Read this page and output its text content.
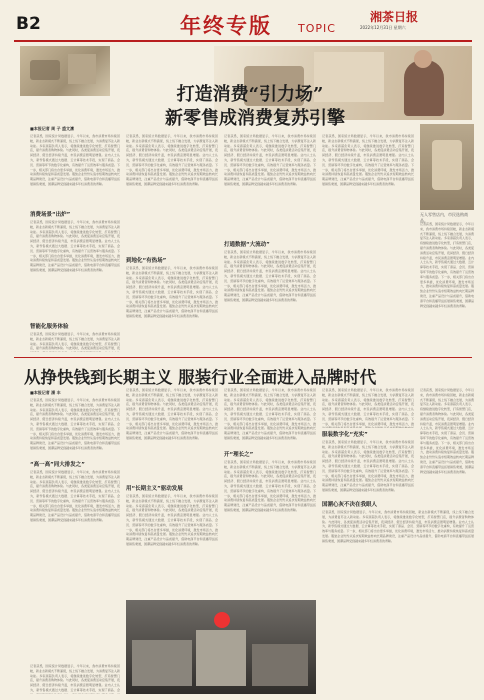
B2	年终专版 TOPIC
湘茶日报
2022年12月31日 星期六
打造消费“引力场”
新零售成消费复苏引擎
■本报记者 周 子 盛文凛
记者获悉，国家统计局数据显示，今年以来，我市消费市场持续回暖，新业态新模式不断涌现，线上线下融合发展，为消费复苏注入新动能。多家商超负责人表示，将继续推进数字化转型，打造智慧门店，提升消费者购物体验。与此同时，各类促消费活动密集开展，夜间经济、假日经济持续升温，市民消费意愿明显增强。业内人士认为，新零售模式通过大数据、云计算等技术手段，实现了商品、会员、营销等环节的数字化重构，有效提升了运营效率与服务质量。下一步，相关部门将出台更多举措，优化消费环境，激发市场活力，推动消费持续恢复和高质量发展。服装企业纷纷从追求短期效益转向长期品牌建设，注重产品设计与品质提升，借助电商平台和直播带货拓展销售渠道，国潮品牌受到越来越多年轻消费者的青睐。
消费场景“出炉”
记者获悉，国家统计局数据显示，今年以来，我市消费市场持续回暖，新业态新模式不断涌现，线上线下融合发展，为消费复苏注入新动能。多家商超负责人表示，将继续推进数字化转型，打造智慧门店，提升消费者购物体验。与此同时，各类促消费活动密集开展，夜间经济、假日经济持续升温，市民消费意愿明显增强。业内人士认为，新零售模式通过大数据、云计算等技术手段，实现了商品、会员、营销等环节的数字化重构，有效提升了运营效率与服务质量。下一步，相关部门将出台更多举措，优化消费环境，激发市场活力，推动消费持续恢复和高质量发展。服装企业纷纷从追求短期效益转向长期品牌建设，注重产品设计与品质提升，借助电商平台和直播带货拓展销售渠道，国潮品牌受到越来越多年轻消费者的青睐。
智能化服务体验
记者获悉，国家统计局数据显示，今年以来，我市消费市场持续回暖，新业态新模式不断涌现，线上线下融合发展，为消费复苏注入新动能。多家商超负责人表示，将继续推进数字化转型，打造智慧门店，提升消费者购物体验。与此同时，各类促消费活动密集开展，夜
记者获悉，国家统计局数据显示，今年以来，我市消费市场持续回暖，新业态新模式不断涌现，线上线下融合发展，为消费复苏注入新动能。多家商超负责人表示，将继续推进数字化转型，打造智慧门店，提升消费者购物体验。与此同时，各类促消费活动密集开展，夜间经济、假日经济持续升温，市民消费意愿明显增强。业内人士认为，新零售模式通过大数据、云计算等技术手段，实现了商品、会员、营销等环节的数字化重构，有效提升了运营效率与服务质量。下一步，相关部门将出台更多举措，优化消费环境，激发市场活力，推动消费持续恢复和高质量发展。服装企业纷纷从追求短期效益转向长期品牌建设，注重产品设计与品质提升，借助电商平台和直播带货拓展销售渠道，国潮品牌受到越来越多年轻消费者的青睐。
到地化“有热场”
记者获悉，国家统计局数据显示，今年以来，我市消费市场持续回暖，新业态新模式不断涌现，线上线下融合发展，为消费复苏注入新动能。多家商超负责人表示，将继续推进数字化转型，打造智慧门店，提升消费者购物体验。与此同时，各类促消费活动密集开展，夜间经济、假日经济持续升温，市民消费意愿明显增强。业内人士认为，新零售模式通过大数据、云计算等技术手段，实现了商品、会员、营销等环节的数字化重构，有效提升了运营效率与服务质量。下一步，相关部门将出台更多举措，优化消费环境，激发市场活力，推动消费持续恢复和高质量发展。服装企业纷纷从追求短期效益转向长期品牌建设，注重产品设计与品质提升，借助电商平台和直播带货拓展销售渠道，国潮品牌受到越来越多年轻消费者的青睐。
记者获悉，国家统计局数据显示，今年以来，我市消费市场持续回暖，新业态新模式不断涌现，线上线下融合发展，为消费复苏注入新动能。多家商超负责人表示，将继续推进数字化转型，打造智慧门店，提升消费者购物体验。与此同时，各类促消费活动密集开展，夜间经济、假日经济持续升温，市民消费意愿明显增强。业内人士认为，新零售模式通过大数据、云计算等技术手段，实现了商品、会员、营销等环节的数字化重构，有效提升了运营效率与服务质量。下一步，相关部门将出台更多举措，优化消费环境，激发市场活力，推动消费持续恢复和高质量发展。服装企业纷纷从追求短期效益转向长期品牌建设，注重产品设计与品质提升，借助电商平台和直播带货拓展销售渠道，国潮品牌受到越来越多年轻消费者的青睐。
打通数据“大流动”
记者获悉，国家统计局数据显示，今年以来，我市消费市场持续回暖，新业态新模式不断涌现，线上线下融合发展，为消费复苏注入新动能。多家商超负责人表示，将继续推进数字化转型，打造智慧门店，提升消费者购物体验。与此同时，各类促消费活动密集开展，夜间经济、假日经济持续升温，市民消费意愿明显增强。业内人士认为，新零售模式通过大数据、云计算等技术手段，实现了商品、会员、营销等环节的数字化重构，有效提升了运营效率与服务质量。下一步，相关部门将出台更多举措，优化消费环境，激发市场活力，推动消费持续恢复和高质量发展。服装企业纷纷从追求短期效益转向长期品牌建设，注重产品设计与品质提升，借助电商平台和直播带货拓展销售渠道，国潮品牌受到越来越多年轻消费者的青睐。
记者获悉，国家统计局数据显示，今年以来，我市消费市场持续回暖，新业态新模式不断涌现，线上线下融合发展，为消费复苏注入新动能。多家商超负责人表示，将继续推进数字化转型，打造智慧门店，提升消费者购物体验。与此同时，各类促消费活动密集开展，夜间经济、假日经济持续升温，市民消费意愿明显增强。业内人士认为，新零售模式通过大数据、云计算等技术手段，实现了商品、会员、营销等环节的数字化重构，有效提升了运营效率与服务质量。下一步，相关部门将出台更多举措，优化消费环境，激发市场活力，推动消费持续恢复和高质量发展。服装企业纷纷从追求短期效益转向长期品牌建设，注重产品设计与品质提升，借助电商平台和直播带货拓展销售渠道，国潮品牌受到越来越多年轻消费者的青睐。
无人零售店内，市民选购商品。
记者获悉，国家统计局数据显示，今年以来，我市消费市场持续回暖，新业态新模式不断涌现，线上线下融合发展，为消费复苏注入新动能。多家商超负责人表示，将继续推进数字化转型，打造智慧门店，提升消费者购物体验。与此同时，各类促消费活动密集开展，夜间经济、假日经济持续升温，市民消费意愿明显增强。业内人士认为，新零售模式通过大数据、云计算等技术手段，实现了商品、会员、营销等环节的数字化重构，有效提升了运营效率与服务质量。下一步，相关部门将出台更多举措，优化消费环境，激发市场活力，推动消费持续恢复和高质量发展。服装企业纷纷从追求短期效益转向长期品牌建设，注重产品设计与品质提升，借助电商平台和直播带货拓展销售渠道，国潮品牌受到越来越多年轻消费者的青睐。
从挣快钱到长期主义 服装行业全面进入品牌时代
■本报记者 潘 丰
记者获悉，国家统计局数据显示，今年以来，我市消费市场持续回暖，新业态新模式不断涌现，线上线下融合发展，为消费复苏注入新动能。多家商超负责人表示，将继续推进数字化转型，打造智慧门店，提升消费者购物体验。与此同时，各类促消费活动密集开展，夜间经济、假日经济持续升温，市民消费意愿明显增强。业内人士认为，新零售模式通过大数据、云计算等技术手段，实现了商品、会员、营销等环节的数字化重构，有效提升了运营效率与服务质量。下一步，相关部门将出台更多举措，优化消费环境，激发市场活力，推动消费持续恢复和高质量发展。服装企业纷纷从追求短期效益转向长期品牌建设，注重产品设计与品质提升，借助电商平台和直播带货拓展销售渠道，国潮品牌受到越来越多年轻消费者的青睐。
“高一高”同大排发之”
记者获悉，国家统计局数据显示，今年以来，我市消费市场持续回暖，新业态新模式不断涌现，线上线下融合发展，为消费复苏注入新动能。多家商超负责人表示，将继续推进数字化转型，打造智慧门店，提升消费者购物体验。与此同时，各类促消费活动密集开展，夜间经济、假日经济持续升温，市民消费意愿明显增强。业内人士认为，新零售模式通过大数据、云计算等技术手段，实现了商品、会员、营销等环节的数字化重构，有效提升了运营效率与服务质量。下一步，相关部门将出台更多举措，优化消费环境，激发市场活力，推动消费持续恢复和高质量发展。服装企业纷纷从追求短期效益转向长期品牌建设，注重产品设计与品质提升，借助电商平台和直播带货拓展销售渠道，国潮品牌受到越来越多年轻消费者的青睐。
记者获悉，国家统计局数据显示，今年以来，我市消费市场持续回暖，新业态新模式不断涌现，线上线下融合发展，为消费复苏注入新动能。多家商超负责人表示，将继续推进数字化转型，打造智慧门店，提升消费者购物体验。与此同时，各类促消费活动密集开展，夜间经济、假日经济持续升温，市民消费意愿明显增强。业内人士认为，新零售模式通过大数据、云计算等技术手段，实现了商品、会员、营销等环节的数字化重构，有效提升了运营效率与服务质量。下一步，相关部门将出台更多举措，优化消费环境，激发市场活力，推动消费持续恢复和高质量发展。服装企业纷纷从追求短期效益转向长期品牌建设，注重产品设计与品质提升，借助电商平台和直播带货拓展销售渠道，国潮品牌受到越来越多年轻消费者的青睐。
用“长期主义”驱动发展
记者获悉，国家统计局数据显示，今年以来，我市消费市场持续回暖，新业态新模式不断涌现，线上线下融合发展，为消费复苏注入新动能。多家商超负责人表示，将继续推进数字化转型，打造智慧门店，提升消费者购物体验。与此同时，各类促消费活动密集开展，夜间经济、假日经济持续升温，市民消费意愿明显增强。业内人士认为，新零售模式通过大数据、云计算等技术手段，实现了商品、会员、营销等环节的数字化重构，有效提升了运营效率与服务质量。下一步，相关部门将出台更多举措，优化消费环境，激发市场活力，推动消费持续恢复和高质量发展。服装企业纷纷从追求短期效益转向长期品牌建设，注重产品设计与品质提升，借助电商平台和直播带货拓展销售渠道，国潮品牌受到越来越多年轻消费者的青睐。
记者获悉，国家统计局数据显示，今年以来，我市消费市场持续回暖，新业态新模式不断涌现，线上线下融合发展，为消费复苏注入新动能。多家商超负责人表示，将继续推进数字化转型，打造智慧门店，提升消费者购物体验。与此同时，各类促消费活动密集开展，夜间经济、假日经济持续升温，市民消费意愿明显增强。业内人士认为，新零售模式通过大数据、云计算等技术手段，实现了商品、会员、营销等环节的数字化重构，有效提升了运营效率与服务质量。下一步，相关部门将出台更多举措，优化消费环境，激发市场活力，推动消费持续恢复和高质量发展。服装企业纷纷从追求短期效益转向长期品牌建设，注重产品设计与品质提升，借助电商平台和直播带货拓展销售渠道，国潮品牌受到越来越多年轻消费者的青睐。
开“理长之”
记者获悉，国家统计局数据显示，今年以来，我市消费市场持续回暖，新业态新模式不断涌现，线上线下融合发展，为消费复苏注入新动能。多家商超负责人表示，将继续推进数字化转型，打造智慧门店，提升消费者购物体验。与此同时，各类促消费活动密集开展，夜间经济、假日经济持续升温，市民消费意愿明显增强。业内人士认为，新零售模式通过大数据、云计算等技术手段，实现了商品、会员、营销等环节的数字化重构，有效提升了运营效率与服务质量。下一步，相关部门将出台更多举措，优化消费环境，激发市场活力，推动消费持续恢复和高质量发展。服装企业纷纷从追求短期效益转向长期品牌建设，注重产品设计与品质提升，借助电商平台和直播带货拓展销售渠道，国潮品牌受到越来越多年轻消费者的青睐。
记者获悉，国家统计局数据显示，今年以来，我市消费市场持续回暖，新业态新模式不断涌现，线上线下融合发展，为消费复苏注入新动能。多家商超负责人表示，将继续推进数字化转型，打造智慧门店，提升消费者购物体验。与此同时，各类促消费活动密集开展，夜间经济、假日经济持续升温，市民消费意愿明显增强。业内人士认为，新零售模式通过大数据、云计算等技术手段，实现了商品、会员、营销等环节的数字化重构，有效提升了运营效率与服务质量。下一步，相关部门将出台更多举措，优化消费环境，激发市场活力，推
服装数字化“充实”
记者获悉，国家统计局数据显示，今年以来，我市消费市场持续回暖，新业态新模式不断涌现，线上线下融合发展，为消费复苏注入新动能。多家商超负责人表示，将继续推进数字化转型，打造智慧门店，提升消费者购物体验。与此同时，各类促消费活动密集开展，夜间经济、假日经济持续升温，市民消费意愿明显增强。业内人士认为，新零售模式通过大数据、云计算等技术手段，实现了商品、会员、营销等环节的数字化重构，有效提升了运营效率与服务质量。下一步，相关部门将出台更多举措，优化消费环境，激发市场活力，推动消费持续恢复和高质量发展。服装企业纷纷从追求短期效益转向长期品牌建设，注重产品设计与品质提升，借助电商平台和直播带货拓展销售渠道，国潮品牌受到越来越多年轻消费者的青睐。
记者获悉，国家统计局数据显示，今年以来，我市消费市场持续回暖，新业态新模式不断涌现，线上线下融合发展，为消费复苏注入新动能。多家商超负责人表示，将继续推进数字化转型，打造智慧门店，提升消费者购物体验。与此同时，各类促消费活动密集开展，夜间经济、假日经济持续升温，市民消费意愿明显增强。业内人士认为，新零售模式通过大数据、云计算等技术手段，实现了商品、会员、营销等环节的数字化重构，有效提升了运营效率与服务质量。下一步，相关部门将出台更多举措，优化消费环境，激发市场活力，推动消费持续恢复和高质量发展。服装企业纷纷从追求短期效益转向长期品牌建设，注重产品设计与品质提升，借助电商平台和直播带货拓展销售渠道，国潮品牌受到越来越多年轻消费者的青睐。
国潮心灰不决在我眼人
记者获悉，国家统计局数据显示，今年以来，我市消费市场持续回暖，新业态新模式不断涌现，线上线下融合发展，为消费复苏注入新动能。多家商超负责人表示，将继续推进数字化转型，打造智慧门店，提升消费者购物体验。与此同时，各类促消费活动密集开展，夜间经济、假日经济持续升温，市民消费意愿明显增强。业内人士认为，新零售模式通过大数据、云计算等技术手段，实现了商品、会员、营销等环节的数字化重构，有效提升了运营效率与服务质量。下一步，相关部门将出台更多举措，优化消费环境，激发市场活力，推动消费持续恢复和高质量发展。服装企业纷纷从追求短期效益转向长期品牌建设，注重产品设计与品质提升，借助电商平台和直播带货拓展销售渠道，国潮品牌受到越来越多年轻消费者的青睐。
记者获悉，国家统计局数据显示，今年以来，我市消费市场持续回暖，新业态新模式不断涌现，线上线下融合发展，为消费复苏注入新动能。多家商超负责人表示，将继续推进数字化转型，打造智慧门店，提升消费者购物体验。与此同时，各类促消费活动密集开展，夜间经济、假日经济持续升温，市民消费意愿明显增强。业内人士认为，新零售模式通过大数据、云计算等技术手段，实现了商品、会
